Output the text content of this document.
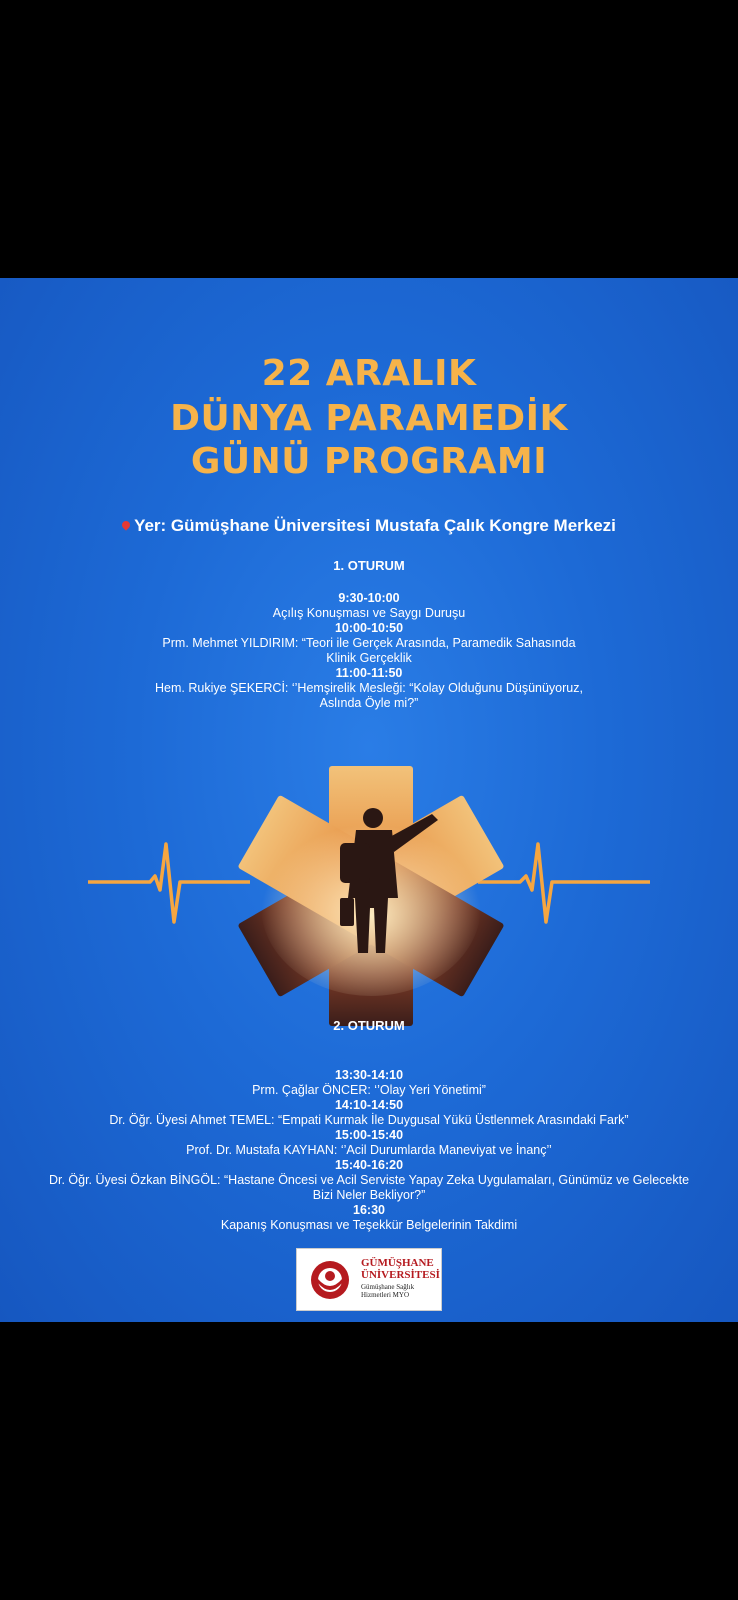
22 ARALIK
DÜNYA PARAMEDİK
GÜNÜ PROGRAMI
Yer: Gümüşhane Üniversitesi Mustafa Çalık Kongre Merkezi
1. OTURUM
9:30-10:00
Açılış Konuşması ve Saygı Duruşu
10:00-10:50
Prm. Mehmet YILDIRIM: “Teori ile Gerçek Arasında, Paramedik Sahasında
Klinik Gerçeklik
11:00-11:50
Hem. Rukiye ŞEKERCİ: ‘’Hemşirelik Mesleği: “Kolay Olduğunu Düşünüyoruz,
Aslında Öyle mi?”
2. OTURUM
13:30-14:10
Prm. Çağlar ÖNCER: ‘’Olay Yeri Yönetimi”
14:10-14:50
Dr. Öğr. Üyesi Ahmet TEMEL: “Empati Kurmak İle Duygusal Yükü Üstlenmek Arasındaki Fark”
15:00-15:40
Prof. Dr. Mustafa KAYHAN: ‘’Acil Durumlarda Maneviyat ve İnanç’’
15:40-16:20
Dr. Öğr. Üyesi Özkan BİNGÖL: “Hastane Öncesi ve Acil Serviste Yapay Zeka Uygulamaları, Günümüz ve Gelecekte
Bizi Neler Bekliyor?”
16:30
Kapanış Konuşması ve Teşekkür Belgelerinin Takdimi
GÜMÜŞHANE
ÜNİVERSİTESİ
Gümüşhane Sağlık
Hizmetleri MYO
